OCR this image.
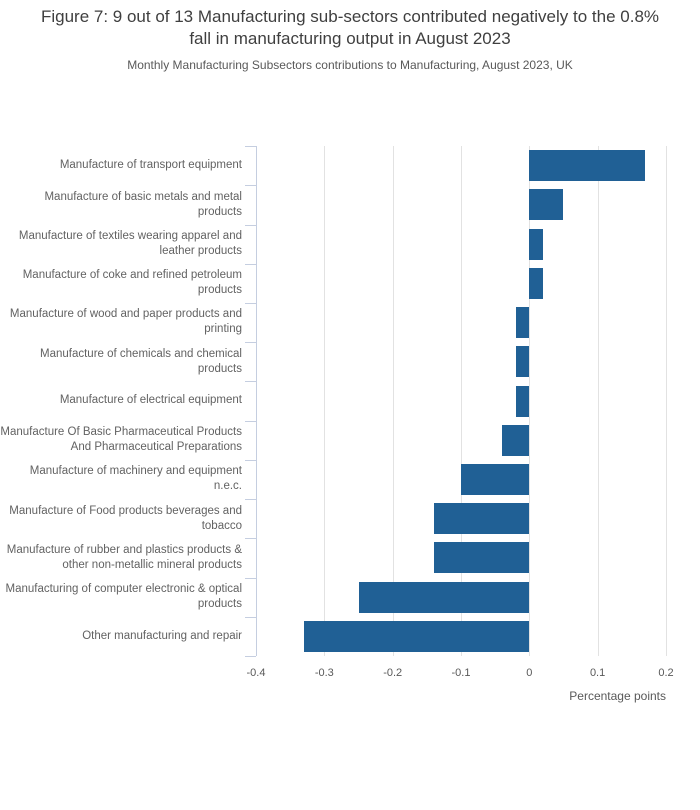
Figure 7: 9 out of 13 Manufacturing sub-sectors contributed negatively to the 0.8% fall in manufacturing output in August 2023
Monthly Manufacturing Subsectors contributions to Manufacturing, August 2023, UK
Manufacture of transport equipment
Manufacture of basic metals and metal products
Manufacture of textiles wearing apparel and leather products
Manufacture of coke and refined petroleum products
Manufacture of wood and paper products and printing
Manufacture of chemicals and chemical products
Manufacture of electrical equipment
Manufacture Of Basic Pharmaceutical Products And Pharmaceutical Preparations
Manufacture of machinery and equipment n.e.c.
Manufacture of Food products beverages and tobacco
Manufacture of rubber and plastics products & other non-metallic mineral products
Manufacturing of computer electronic & optical products
Other manufacturing and repair
-0.4	-0.3	-0.2	-0.1	0	0.1	0.2
Percentage points
